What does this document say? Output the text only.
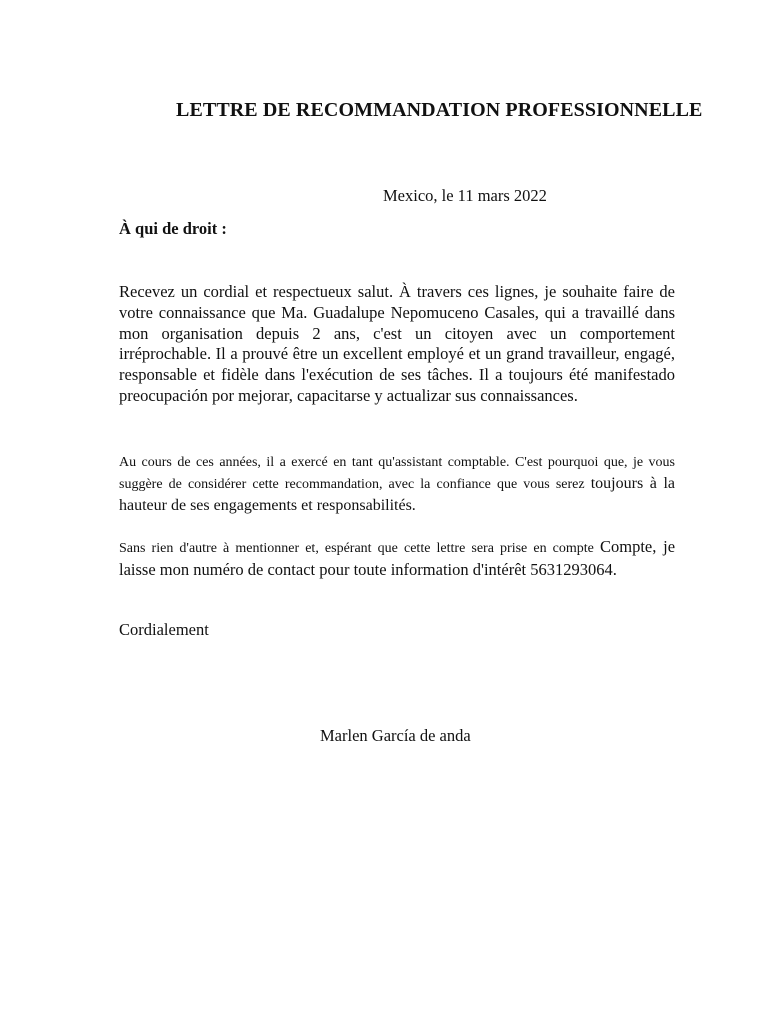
LETTRE DE RECOMMANDATION PROFESSIONNELLE
Mexico, le 11 mars 2022
À qui de droit :
Recevez un cordial et respectueux salut. À travers ces lignes, je souhaite faire de votre connaissance que Ma. Guadalupe Nepomuceno Casales, qui a travaillé dans mon organisation depuis 2 ans, c'est un citoyen avec un comportement irréprochable. Il a prouvé être un excellent employé et un grand travailleur, engagé, responsable et fidèle dans l'exécution de ses tâches. Il a toujours été manifestado preocupación por mejorar, capacitarse y actualizar sus connaissances.
Au cours de ces années, il a exercé en tant qu'assistant comptable. C'est pourquoi que, je vous suggère de considérer cette recommandation, avec la confiance que vous serez toujours à la hauteur de ses engagements et responsabilités.
Sans rien d'autre à mentionner et, espérant que cette lettre sera prise en compte Compte, je laisse mon numéro de contact pour toute information d'intérêt 5631293064.
Cordialement
Marlen García de anda
